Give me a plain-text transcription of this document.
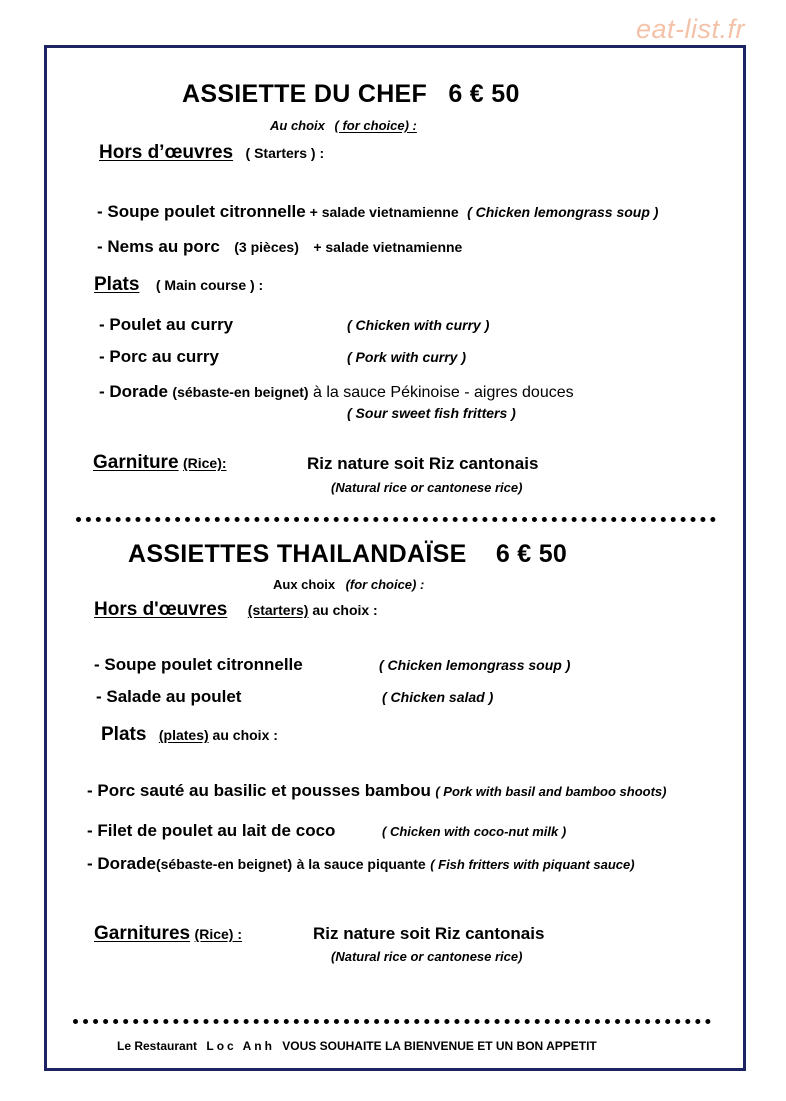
eat-list.fr
ASSIETTE DU CHEF 6 € 50
Au choix ( for choice) :
Hors d’œuvres ( Starters ) :
- Soupe poulet citronnelle + salade vietnamienne ( Chicken lemongrass soup )
- Nems au porc (3 pièces) + salade vietnamienne
Plats ( Main course ) :
- Poulet au curry	( Chicken with curry )
- Porc au curry	( Pork with curry )
- Dorade (sébaste-en beignet) à la sauce Pékinoise - aigres douces
( Sour sweet fish fritters )
Garniture (Rice):	Riz nature soit Riz cantonais
(Natural rice or cantonese rice)
ASSIETTES THAILANDAÏSE 6 € 50
Aux choix (for choice) :
Hors d'œuvres (starters) au choix :
- Soupe poulet citronnelle	( Chicken lemongrass soup )
- Salade au poulet	( Chicken salad )
Plats (plates) au choix :
- Porc sauté au basilic et pousses bambou ( Pork with basil and bamboo shoots)
- Filet de poulet au lait de coco	( Chicken with coco-nut milk )
- Dorade(sébaste-en beignet) à la sauce piquante ( Fish fritters with piquant sauce)
Garnitures (Rice) :	Riz nature soit Riz cantonais
(Natural rice or cantonese rice)
Le Restaurant Loc Anh VOUS SOUHAITE LA BIENVENUE ET UN BON APPETIT
